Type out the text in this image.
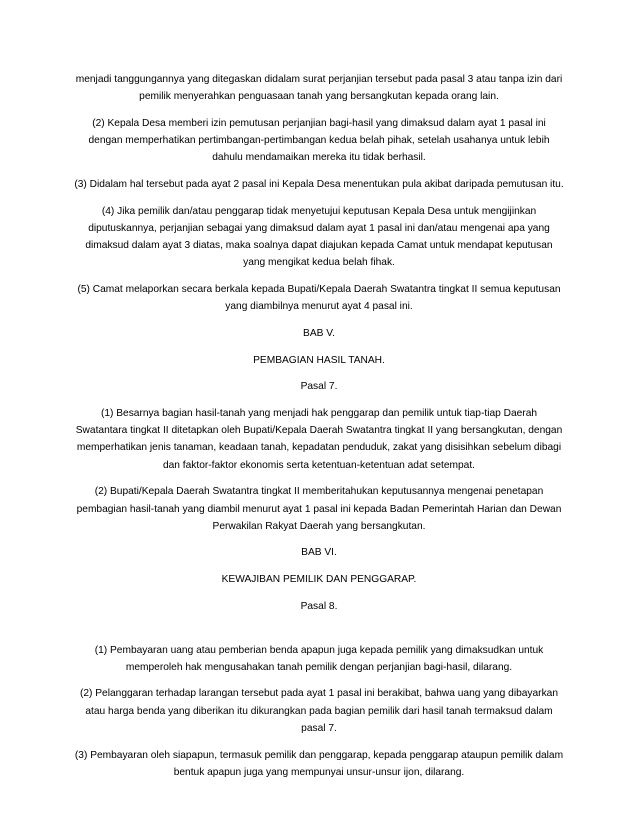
menjadi tanggungannya yang ditegaskan didalam surat perjanjian tersebut pada pasal 3 atau tanpa izin dari pemilik menyerahkan penguasaan tanah yang bersangkutan kepada orang lain.

(2) Kepala Desa memberi izin pemutusan perjanjian bagi-hasil yang dimaksud dalam ayat 1 pasal ini dengan memperhatikan pertimbangan-pertimbangan kedua belah pihak, setelah usahanya untuk lebih dahulu mendamaikan mereka itu tidak berhasil.

(3) Didalam hal tersebut pada ayat 2 pasal ini Kepala Desa menentukan pula akibat daripada pemutusan itu.

(4) Jika pemilik dan/atau penggarap tidak menyetujui keputusan Kepala Desa untuk mengijinkan diputuskannya, perjanjian sebagai yang dimaksud dalam ayat 1 pasal ini dan/atau mengenai apa yang dimaksud dalam ayat 3 diatas, maka soalnya dapat diajukan kepada Camat untuk mendapat keputusan yang mengikat kedua belah fihak.

(5) Camat melaporkan secara berkala kepada Bupati/Kepala Daerah Swatantra tingkat II semua keputusan yang diambilnya menurut ayat 4 pasal ini.

BAB V.

PEMBAGIAN HASIL TANAH.

Pasal 7.

(1) Besarnya bagian hasil-tanah yang menjadi hak penggarap dan pemilik untuk tiap-tiap Daerah Swatantara tingkat II ditetapkan oleh Bupati/Kepala Daerah Swatantra tingkat II yang bersangkutan, dengan memperhatikan jenis tanaman, keadaan tanah, kepadatan penduduk, zakat yang disisihkan sebelum dibagi dan faktor-faktor ekonomis serta ketentuan-ketentuan adat setempat.

(2) Bupati/Kepala Daerah Swatantra tingkat II memberitahukan keputusannya mengenai penetapan pembagian hasil-tanah yang diambil menurut ayat 1 pasal ini kepada Badan Pemerintah Harian dan Dewan Perwakilan Rakyat Daerah yang bersangkutan.

BAB VI.

KEWAJIBAN PEMILIK DAN PENGGARAP.

Pasal 8.

(1) Pembayaran uang atau pemberian benda apapun juga kepada pemilik yang dimaksudkan untuk memperoleh hak mengusahakan tanah pemilik dengan perjanjian bagi-hasil, dilarang.

(2) Pelanggaran terhadap larangan tersebut pada ayat 1 pasal ini berakibat, bahwa uang yang dibayarkan atau harga benda yang diberikan itu dikurangkan pada bagian pemilik dari hasil tanah termaksud dalam pasal 7.

(3) Pembayaran oleh siapapun, termasuk pemilik dan penggarap, kepada penggarap ataupun pemilik dalam bentuk apapun juga yang mempunyai unsur-unsur ijon, dilarang.
